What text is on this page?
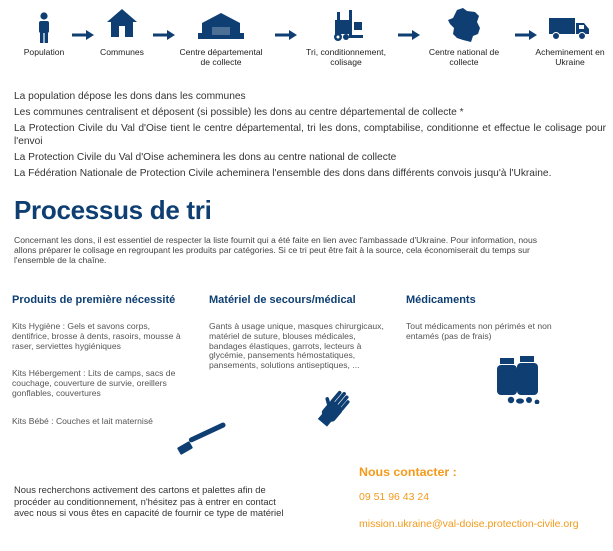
Population	Communes	Centre départemental
de collecte
Tri, conditionnement,
colisage
Centre national de
collecte
Acheminement en
Ukraine

La population dépose les dons dans les communes

Les communes centralisent et déposent (si possible) les dons au centre départemental de collecte *

La Protection Civile du Val d'Oise tient le centre départemental, tri les dons, comptabilise, conditionne et effectue le colisage pour l'envoi

La Protection Civile du Val d'Oise acheminera les dons au centre national de collecte

La Fédération Nationale de Protection Civile acheminera l'ensemble des dons dans différents convois jusqu'à l'Ukraine.

Processus de tri
Concernant les dons, il est essentiel de respecter la liste fournit qui a été faite en lien avec l'ambassade d'Ukraine. Pour information, nous allons préparer le colisage en regroupant les produits par catégories. Si ce tri peut être fait à la source, cela économiserait du temps sur l'ensemble de la chaîne.
Produits de première nécessité
Kits Hygiène : Gels et savons corps, dentifrice, brosse à dents, rasoirs, mousse à raser, serviettes hygiéniques
Kits Hébergement : Lits de camps, sacs de couchage, couverture de survie, oreillers gonflables, couvertures
Kits Bébé : Couches et lait maternisé
Matériel de secours/médical
Gants à usage unique, masques chirurgicaux, matériel de suture, blouses médicales, bandages élastiques, garrots, lecteurs à glycémie, pansements hémostatiques, pansements, solutions antiseptiques, ...
Médicaments
Tout médicaments non périmés et non entamés (pas de frais)
Nous recherchons activement des cartons et palettes afin de procéder au conditionnement, n'hésitez pas à entrer en contact avec nous si vous êtes en capacité de fournir ce type de matériel
Nous contacter :
09 51 96 43 24
mission.ukraine@val-doise.protection-civile.org
